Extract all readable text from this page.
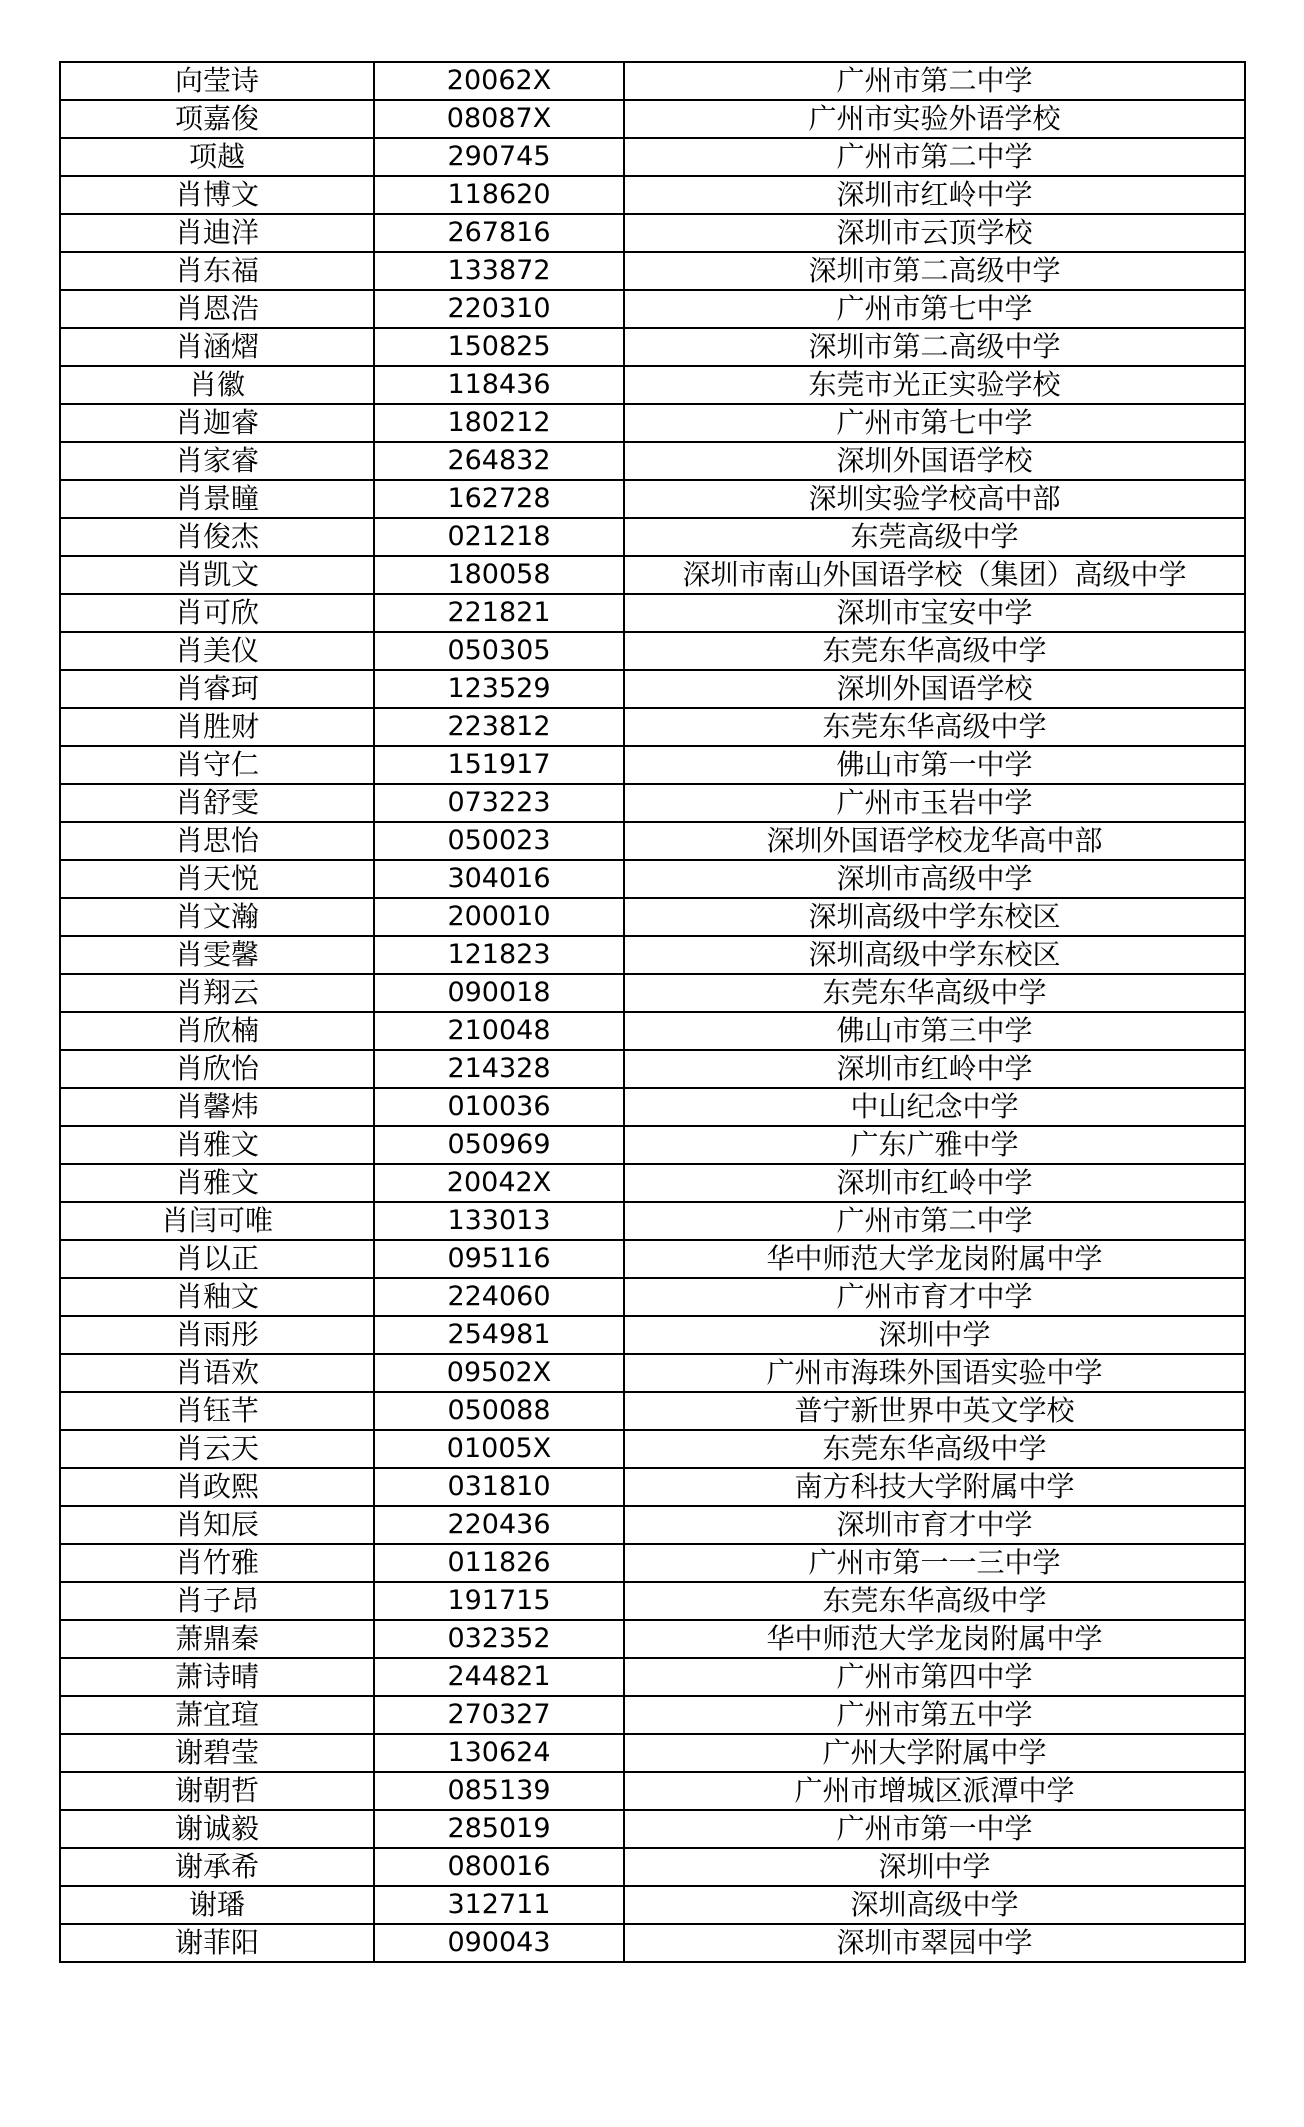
向莹诗	20062X	广州市第二中学
项嘉俊	08087X	广州市实验外语学校
项越	290745	广州市第二中学
肖博文	118620	深圳市红岭中学
肖迪洋	267816	深圳市云顶学校
肖东福	133872	深圳市第二高级中学
肖恩浩	220310	广州市第七中学
肖涵熠	150825	深圳市第二高级中学
肖徽	118436	东莞市光正实验学校
肖迦睿	180212	广州市第七中学
肖家睿	264832	深圳外国语学校
肖景瞳	162728	深圳实验学校高中部
肖俊杰	021218	东莞高级中学
肖凯文	180058	深圳市南山外国语学校（集团）高级中学
肖可欣	221821	深圳市宝安中学
肖美仪	050305	东莞东华高级中学
肖睿珂	123529	深圳外国语学校
肖胜财	223812	东莞东华高级中学
肖守仁	151917	佛山市第一中学
肖舒雯	073223	广州市玉岩中学
肖思怡	050023	深圳外国语学校龙华高中部
肖天悦	304016	深圳市高级中学
肖文瀚	200010	深圳高级中学东校区
肖雯馨	121823	深圳高级中学东校区
肖翔云	090018	东莞东华高级中学
肖欣楠	210048	佛山市第三中学
肖欣怡	214328	深圳市红岭中学
肖馨炜	010036	中山纪念中学
肖雅文	050969	广东广雅中学
肖雅文	20042X	深圳市红岭中学
肖闫可唯	133013	广州市第二中学
肖以正	095116	华中师范大学龙岗附属中学
肖釉文	224060	广州市育才中学
肖雨彤	254981	深圳中学
肖语欢	09502X	广州市海珠外国语实验中学
肖钰芊	050088	普宁新世界中英文学校
肖云天	01005X	东莞东华高级中学
肖政熙	031810	南方科技大学附属中学
肖知辰	220436	深圳市育才中学
肖竹雅	011826	广州市第一一三中学
肖子昂	191715	东莞东华高级中学
萧鼎秦	032352	华中师范大学龙岗附属中学
萧诗晴	244821	广州市第四中学
萧宜瑄	270327	广州市第五中学
谢碧莹	130624	广州大学附属中学
谢朝哲	085139	广州市增城区派潭中学
谢诚毅	285019	广州市第一中学
谢承希	080016	深圳中学
谢璠	312711	深圳高级中学
谢菲阳	090043	深圳市翠园中学
